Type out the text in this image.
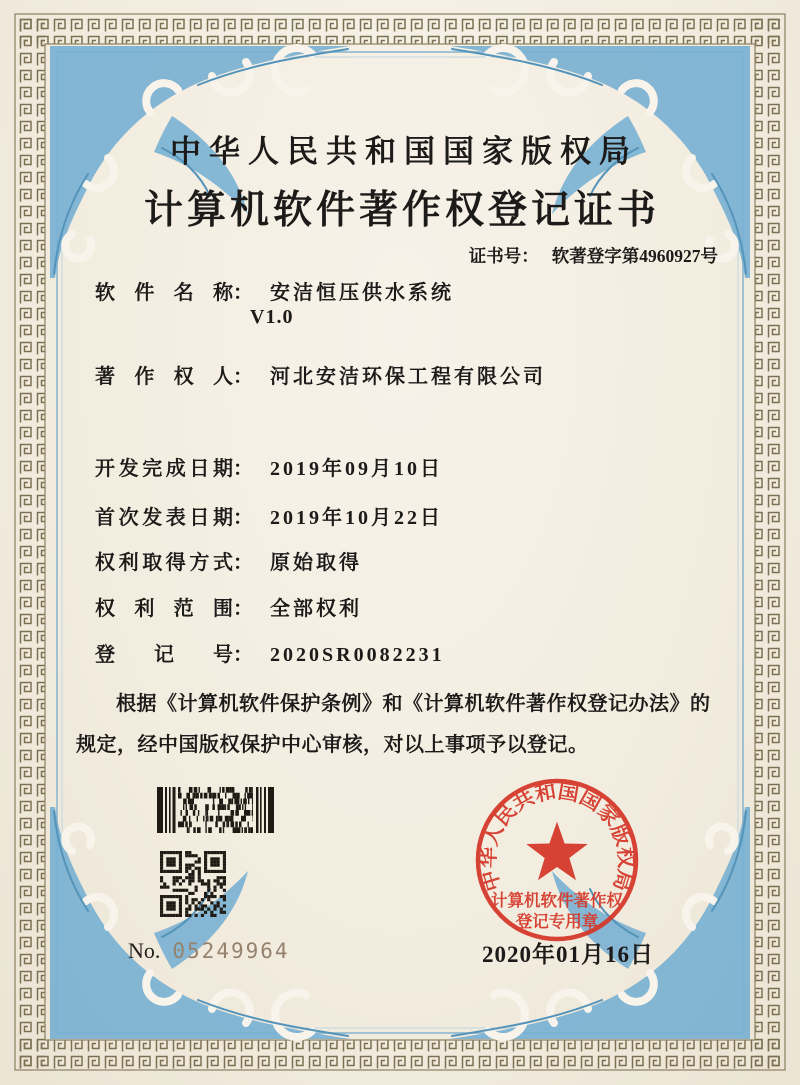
中华人民共和国国家版权局
计算机软件著作权登记证书
证书号： 软著登字第4960927号
软件名称： 安洁恒压供水系统
V1.0
著作权人： 河北安洁环保工程有限公司
开发完成日期： 2019年09月10日
首次发表日期： 2019年10月22日
权利取得方式： 原始取得
权利范围： 全部权利
登记号： 2020SR0082231
根据《计算机软件保护条例》和《计算机软件著作权登记办法》的规定，经中国版权保护中心审核，对以上事项予以登记。
No. 05249964
中华人民共和国国家版权局
计算机软件著作权
登记专用章
2020年01月16日
